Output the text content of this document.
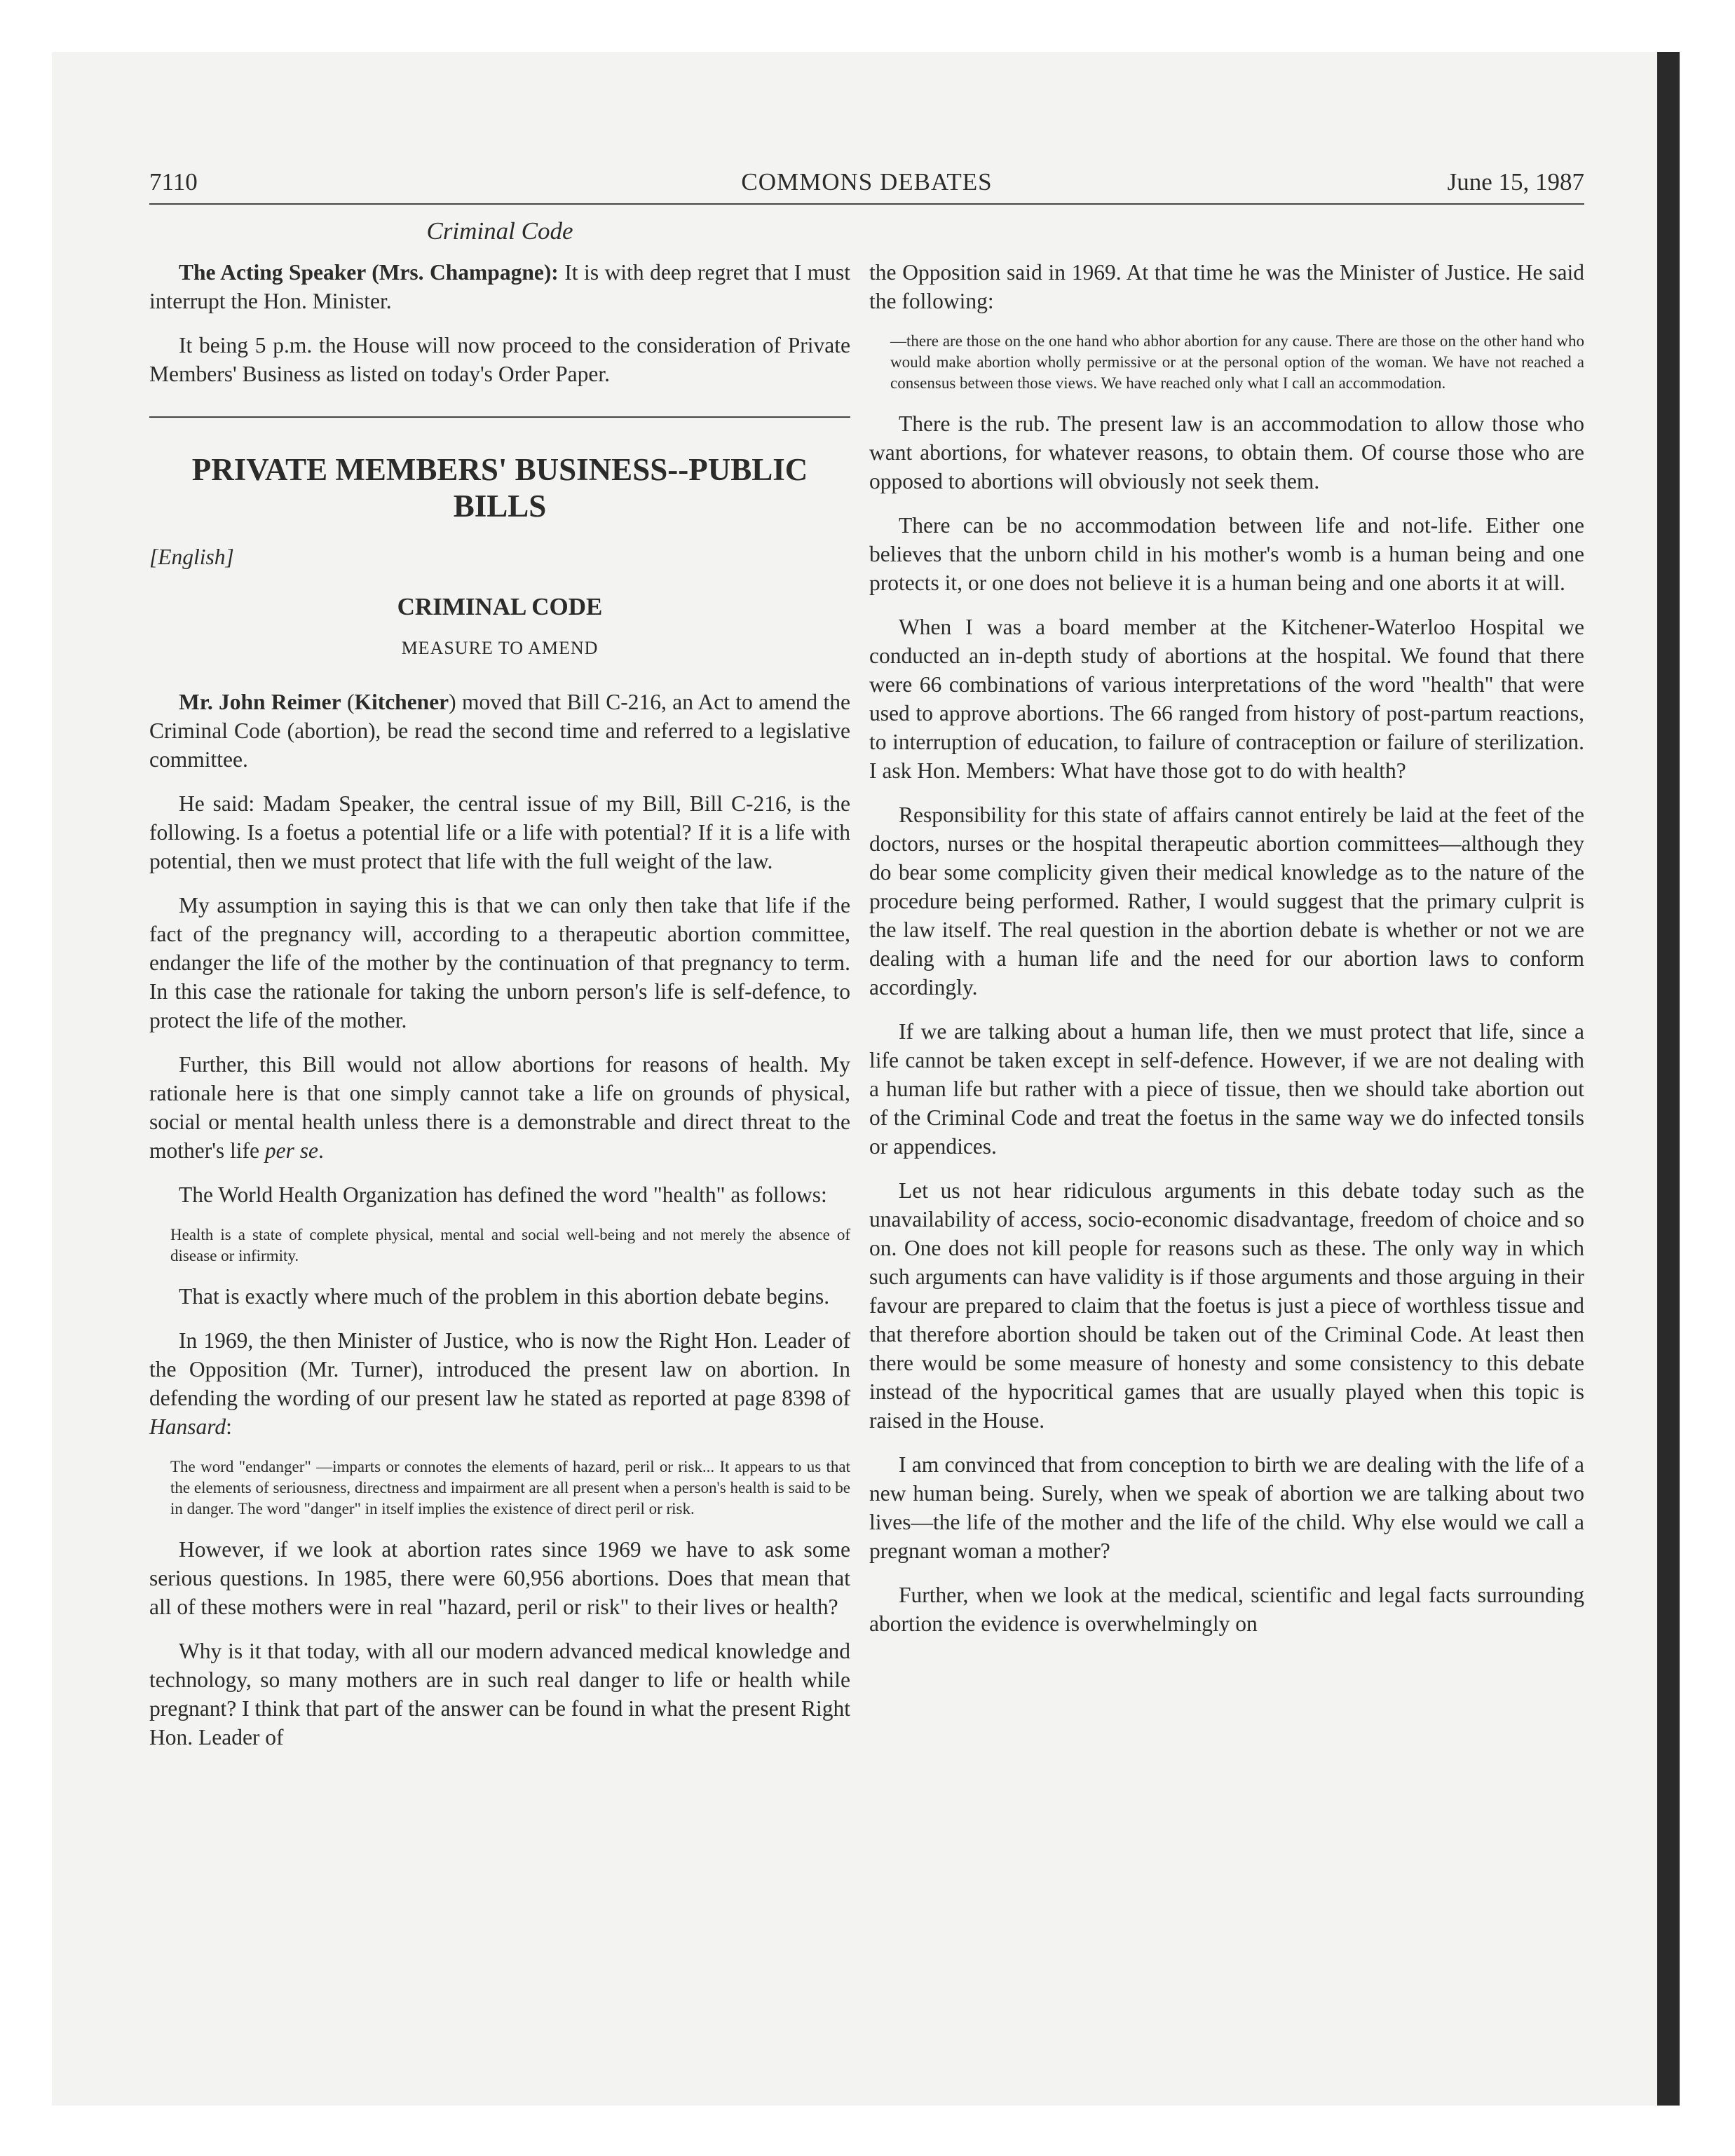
7110	COMMONS DEBATES	June 15, 1987
Criminal Code

The Acting Speaker (Mrs. Champagne): It is with deep regret that I must interrupt the Hon. Minister.

It being 5 p.m. the House will now proceed to the consideration of Private Members' Business as listed on today's Order Paper.

PRIVATE MEMBERS' BUSINESS--PUBLIC BILLS
[English]
CRIMINAL CODE
MEASURE TO AMEND

Mr. John Reimer (Kitchener) moved that Bill C-216, an Act to amend the Criminal Code (abortion), be read the second time and referred to a legislative committee.

He said: Madam Speaker, the central issue of my Bill, Bill C-216, is the following. Is a foetus a potential life or a life with potential? If it is a life with potential, then we must protect that life with the full weight of the law.

My assumption in saying this is that we can only then take that life if the fact of the pregnancy will, according to a therapeutic abortion committee, endanger the life of the mother by the continuation of that pregnancy to term. In this case the rationale for taking the unborn person's life is self-defence, to protect the life of the mother.

Further, this Bill would not allow abortions for reasons of health. My rationale here is that one simply cannot take a life on grounds of physical, social or mental health unless there is a demonstrable and direct threat to the mother's life per se.

The World Health Organization has defined the word "health" as follows:

Health is a state of complete physical, mental and social well-being and not merely the absence of disease or infirmity.

That is exactly where much of the problem in this abortion debate begins.

In 1969, the then Minister of Justice, who is now the Right Hon. Leader of the Opposition (Mr. Turner), introduced the present law on abortion. In defending the wording of our present law he stated as reported at page 8398 of Hansard:

The word "endanger" —imparts or connotes the elements of hazard, peril or risk... It appears to us that the elements of seriousness, directness and impairment are all present when a person's health is said to be in danger. The word "danger" in itself implies the existence of direct peril or risk.

However, if we look at abortion rates since 1969 we have to ask some serious questions. In 1985, there were 60,956 abortions. Does that mean that all of these mothers were in real "hazard, peril or risk" to their lives or health?

Why is it that today, with all our modern advanced medical knowledge and technology, so many mothers are in such real danger to life or health while pregnant? I think that part of the answer can be found in what the present Right Hon. Leader of

the Opposition said in 1969. At that time he was the Minister of Justice. He said the following:

—there are those on the one hand who abhor abortion for any cause. There are those on the other hand who would make abortion wholly permissive or at the personal option of the woman. We have not reached a consensus between those views. We have reached only what I call an accommodation.

There is the rub. The present law is an accommodation to allow those who want abortions, for whatever reasons, to obtain them. Of course those who are opposed to abortions will obviously not seek them.

There can be no accommodation between life and not-life. Either one believes that the unborn child in his mother's womb is a human being and one protects it, or one does not believe it is a human being and one aborts it at will.

When I was a board member at the Kitchener-Waterloo Hospital we conducted an in-depth study of abortions at the hospital. We found that there were 66 combinations of various interpretations of the word "health" that were used to approve abortions. The 66 ranged from history of post-partum reactions, to interruption of education, to failure of contraception or failure of sterilization. I ask Hon. Members: What have those got to do with health?

Responsibility for this state of affairs cannot entirely be laid at the feet of the doctors, nurses or the hospital therapeutic abortion committees—although they do bear some complicity given their medical knowledge as to the nature of the procedure being performed. Rather, I would suggest that the primary culprit is the law itself. The real question in the abortion debate is whether or not we are dealing with a human life and the need for our abortion laws to conform accordingly.

If we are talking about a human life, then we must protect that life, since a life cannot be taken except in self-defence. However, if we are not dealing with a human life but rather with a piece of tissue, then we should take abortion out of the Criminal Code and treat the foetus in the same way we do infected tonsils or appendices.

Let us not hear ridiculous arguments in this debate today such as the unavailability of access, socio-economic disadvantage, freedom of choice and so on. One does not kill people for reasons such as these. The only way in which such arguments can have validity is if those arguments and those arguing in their favour are prepared to claim that the foetus is just a piece of worthless tissue and that therefore abortion should be taken out of the Criminal Code. At least then there would be some measure of honesty and some consistency to this debate instead of the hypocritical games that are usually played when this topic is raised in the House.

I am convinced that from conception to birth we are dealing with the life of a new human being. Surely, when we speak of abortion we are talking about two lives—the life of the mother and the life of the child. Why else would we call a pregnant woman a mother?

Further, when we look at the medical, scientific and legal facts surrounding abortion the evidence is overwhelmingly on
